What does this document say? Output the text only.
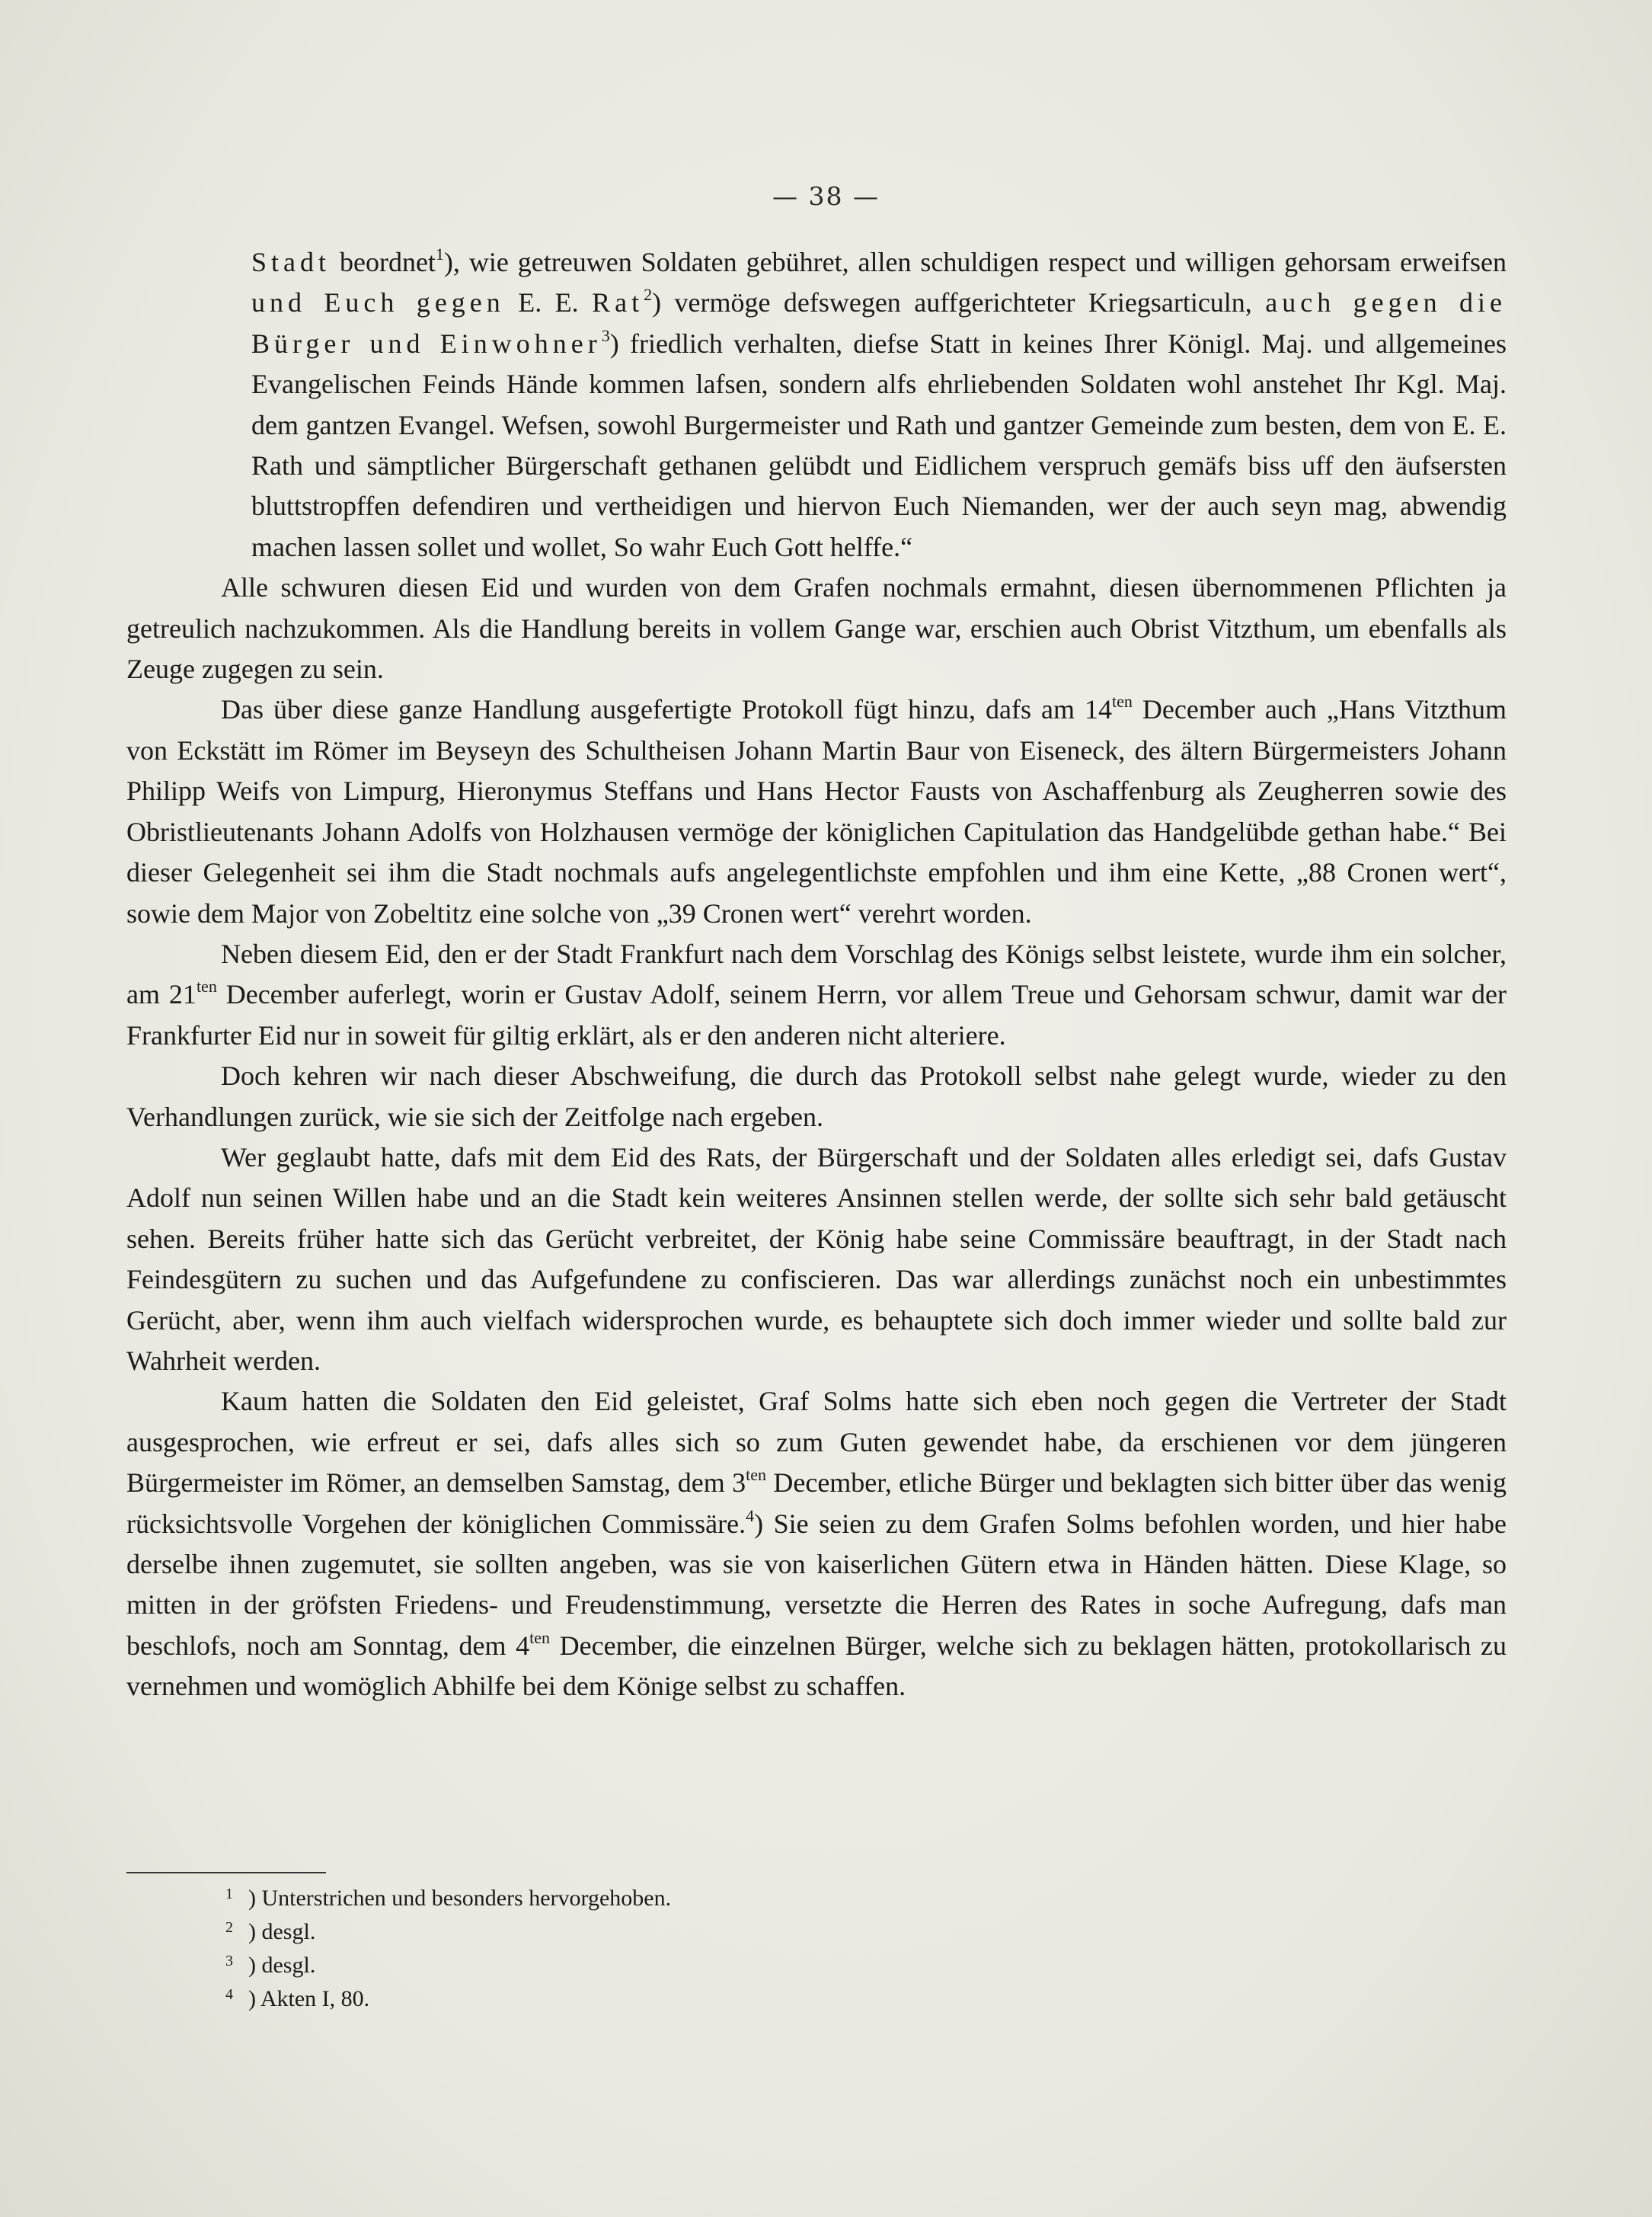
— 38 —

Stadt beordnet$^1$), wie getreuwen Soldaten gebühret, allen schuldigen respect und willigen gehorsam erweifsen und Euch gegen E. E. Rat$^2$) vermöge defswegen auffgerichteter Kriegsarticuln, auch gegen die Bürger und Einwohner$^3$) friedlich verhalten, diefse Statt in keines Ihrer Königl. Maj. und allgemeines Evangelischen Feinds Hände kommen lafsen, sondern alfs ehrliebenden Soldaten wohl anstehet Ihr Kgl. Maj. dem gantzen Evangel. Wefsen, sowohl Burgermeister und Rath und gantzer Gemeinde zum besten, dem von E. E. Rath und sämptlicher Bürgerschaft gethanen gelübdt und Eidlichem verspruch gemäfs biss uff den äufsersten bluttstropffen defendiren und vertheidigen und hiervon Euch Niemanden, wer der auch seyn mag, abwendig machen lassen sollet und wollet, So wahr Euch Gott helffe.“

Alle schwuren diesen Eid und wurden von dem Grafen nochmals ermahnt, diesen übernommenen Pflichten ja getreulich nachzukommen. Als die Handlung bereits in vollem Gange war, erschien auch Obrist Vitzthum, um ebenfalls als Zeuge zugegen zu sein.

Das über diese ganze Handlung ausgefertigte Protokoll fügt hinzu, dafs am $14^{ten}$ December auch „Hans Vitzthum von Eckstätt im Römer im Beyseyn des Schultheisen Johann Martin Baur von Eiseneck, des ältern Bürgermeisters Johann Philipp Weifs von Limpurg, Hieronymus Steffans und Hans Hector Fausts von Aschaffenburg als Zeugherren sowie des Obristlieutenants Johann Adolfs von Holzhausen vermöge der königlichen Capitulation das Handgelübde gethan habe.“ Bei dieser Gelegenheit sei ihm die Stadt nochmals aufs angelegentlichste empfohlen und ihm eine Kette, „88 Cronen wert“, sowie dem Major von Zobeltitz eine solche von „39 Cronen wert“ verehrt worden.

Neben diesem Eid, den er der Stadt Frankfurt nach dem Vorschlag des Königs selbst leistete, wurde ihm ein solcher, am $21^{ten}$ December auferlegt, worin er Gustav Adolf, seinem Herrn, vor allem Treue und Gehorsam schwur, damit war der Frankfurter Eid nur in soweit für giltig erklärt, als er den anderen nicht alteriere.

Doch kehren wir nach dieser Abschweifung, die durch das Protokoll selbst nahe gelegt wurde, wieder zu den Verhandlungen zurück, wie sie sich der Zeitfolge nach ergeben.

Wer geglaubt hatte, dafs mit dem Eid des Rats, der Bürgerschaft und der Soldaten alles erledigt sei, dafs Gustav Adolf nun seinen Willen habe und an die Stadt kein weiteres Ansinnen stellen werde, der sollte sich sehr bald getäuscht sehen. Bereits früher hatte sich das Gerücht verbreitet, der König habe seine Commissäre beauftragt, in der Stadt nach Feindesgütern zu suchen und das Aufgefundene zu confiscieren. Das war allerdings zunächst noch ein unbestimmtes Gerücht, aber, wenn ihm auch vielfach widersprochen wurde, es behauptete sich doch immer wieder und sollte bald zur Wahrheit werden.

Kaum hatten die Soldaten den Eid geleistet, Graf Solms hatte sich eben noch gegen die Vertreter der Stadt ausgesprochen, wie erfreut er sei, dafs alles sich so zum Guten gewendet habe, da erschienen vor dem jüngeren Bürgermeister im Römer, an demselben Samstag, dem $3^{ten}$ December, etliche Bürger und beklagten sich bitter über das wenig rücksichtsvolle Vorgehen der königlichen Commissäre.$^4$) Sie seien zu dem Grafen Solms befohlen worden, und hier habe derselbe ihnen zugemutet, sie sollten angeben, was sie von kaiserlichen Gütern etwa in Händen hätten. Diese Klage, so mitten in der gröfsten Friedens- und Freudenstimmung, versetzte die Herren des Rates in soche Aufregung, dafs man beschlofs, noch am Sonntag, dem $4^{ten}$ December, die einzelnen Bürger, welche sich zu beklagen hätten, protokollarisch zu vernehmen und womöglich Abhilfe bei dem Könige selbst zu schaffen.

1 ) Unterstrichen und besonders hervorgehoben.
2 ) desgl.
3 ) desgl.
4 ) Akten I, 80.
